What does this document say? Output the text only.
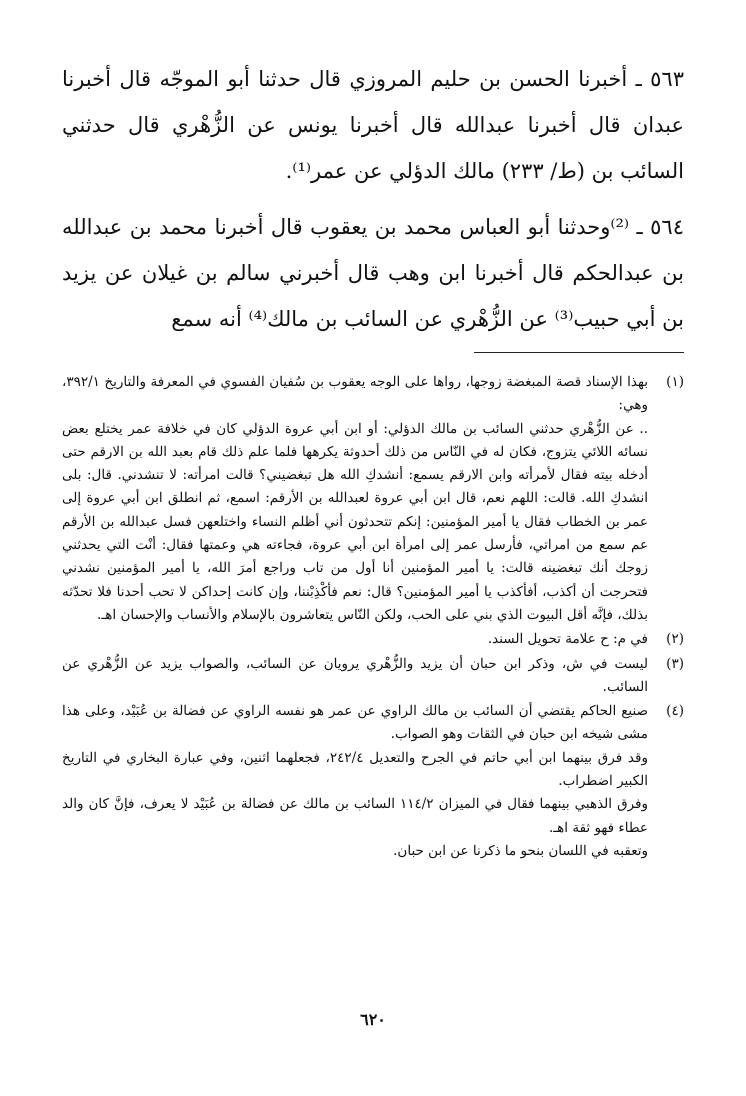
٥٦٣ ـ أخبرنا الحسن بن حليم المروزي قال حدثنا أبو الموجّه قال أخبرنا عبدان قال أخبرنا عبدالله قال أخبرنا يونس عن الزُّهْري قال حدثني السائب بن (ط/ ٢٣٣) مالك الدؤلي عن عمر⁽¹⁾.

٥٦٤ ـ ⁽²⁾وحدثنا أبو العباس محمد بن يعقوب قال أخبرنا محمد بن عبدالله بن عبدالحكم قال أخبرنا ابن وهب قال أخبرني سالم بن غيلان عن يزيد بن أبي حبيب⁽³⁾ عن الزُّهْري عن السائب بن مالك⁽⁴⁾ أنه سمع

(١)

بهذا الإسناد قصة المبغضة زوجها، رواها على الوجه يعقوب بن سُفيان الفسوي في المعرفة والتاريخ ٣٩٢/١، وهي:

.. عن الزُّهْري حدثني السائب بن مالك الدؤلي: أو ابن أبي عروة الدؤلي كان في خلافة عمر يختلع بعض نسائه اللائي يتزوج، فكان له في النّاس من ذلك أحدوثة يكرهها فلما علم ذلك قام بعبد الله بن الارقم حتى أدخله بيته فقال لأمرأته وابن الارقم يسمع: أنشدكِ الله هل تبغضيني؟ قالت امرأته: لا تنشدني. قال: بلى انشدكِ الله. قالت: اللهم نعم، قال ابن أبي عروة لعبدالله بن الأرقم: اسمع، ثم انطلق ابن أبي عروة إلى عمر بن الخطاب فقال يا أمير المؤمنين: إنكم تتحدثون أني أظلم النساء واختلعهن فسل عبدالله بن الأرقم عم سمع من امراتي، فأرسل عمر إلى امرأة ابن أبي عروة، فجاءته هي وعمتها فقال: أنْت التي يحدثني زوجك أنك تبغضينه قالت: يا أمير المؤمنين أنا أول من تاب وراجع أمرَ الله، يا أمير المؤمنين نشدني فتحرجت أن أكذب، أفأكذب يا أمير المؤمنين؟ قال: نعم فأكْذِبْننا، وإن كانت إحداكن لا تحب أحدنا فلا تحدّثه بذلك، فإنَّه أقل البيوت الذي بني على الحب، ولكن النّاس يتعاشرون بالإسلام والأنساب والإحسان اهـ.

(٢)

في م: ح علامة تحويل السند.

(٣)

ليست في ش، وذكر ابن حبان أن يزيد والزُّهْري يرويان عن السائب، والصواب يزيد عن الزُّهْري عن السائب.

(٤)

صنيع الحاكم يقتضي أن السائب بن مالك الراوي عن عمر هو نفسه الراوي عن فضالة بن عُبَيْد، وعلى هذا مشى شيخه ابن حبان في الثقات وهو الصواب.

وقد فرق بينهما ابن أبي حاتم في الجرح والتعديل ٢٤٢/٤، فجعلهما اثنين، وفي عبارة البخاري في التاريخ الكبير اضطراب.

وفرق الذهبي بينهما فقال في الميزان ١١٤/٢ السائب بن مالك عن فضالة بن عُبَيْد لا يعرف، فإنَّ كان والد عطاء فهو ثقة اهـ.

وتعقبه في اللسان بنحو ما ذكرنا عن ابن حبان.

٦٢٠
